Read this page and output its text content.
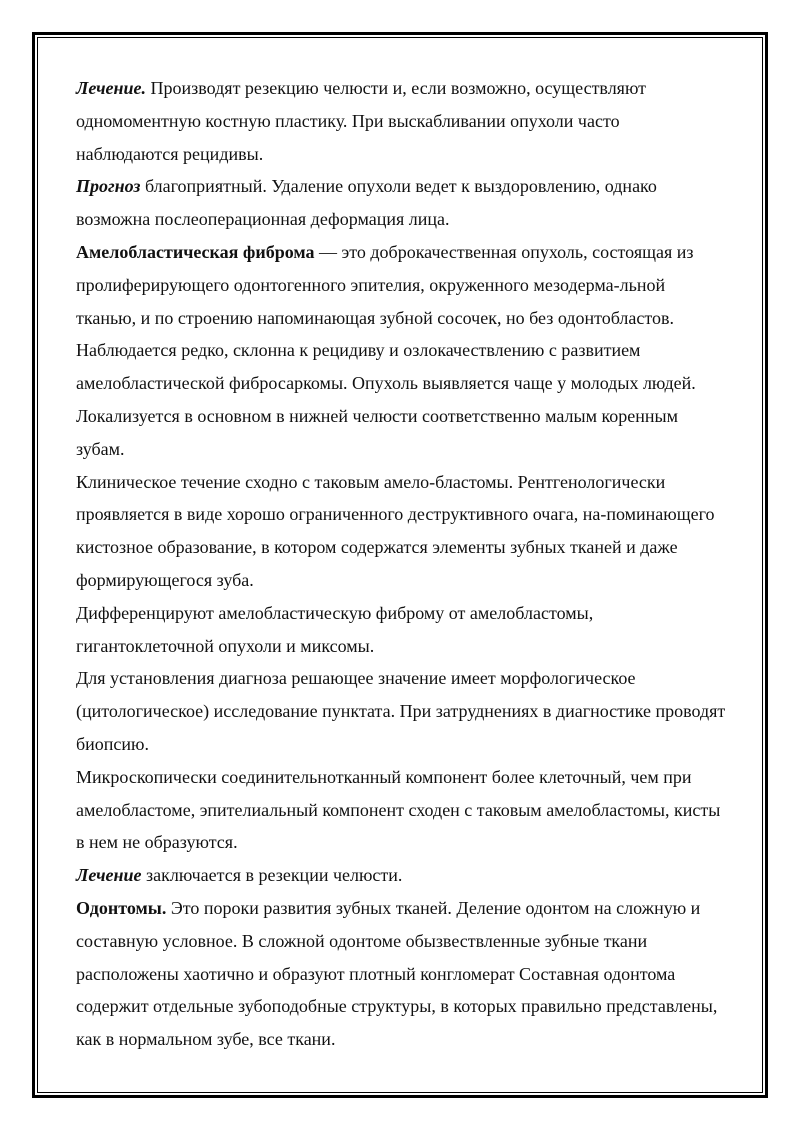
Лечение. Производят резекцию челюсти и, если возможно, осуществляют одномоментную костную пластику. При выскабливании опухоли часто наблюдаются рецидивы.

Прогноз благоприятный. Удаление опухоли ведет к выздоровлению, однако возможна послеоперационная деформация лица.

Амелобластическая фиброма — это доброкачественная опухоль, состоящая из пролиферирующего одонтогенного эпителия, окруженного мезодерма-льной тканью, и по строению напоминающая зубной сосочек, но без одонтобластов. Наблюдается редко, склонна к рецидиву и озлокачествлению с развитием амелобластической фибросаркомы. Опухоль выявляется чаще у молодых людей. Локализуется в основном в нижней челюсти соответственно малым коренным зубам.

Клиническое течение сходно с таковым амело-бластомы. Рентгенологически проявляется в виде хорошо ограниченного деструктивного очага, на-поминающего кистозное образование, в котором содержатся элементы зубных тканей и даже формирующегося зуба.

Дифференцируют амелобластическую фиброму от амелобластомы, гигантоклеточной опухоли и миксомы.

Для установления диагноза решающее значение имеет морфологическое (цитологическое) исследование пунктата. При затруднениях в диагностике проводят биопсию.

Микроскопически соединительнотканный компонент более клеточный, чем при амелобластоме, эпителиальный компонент сходен с таковым амелобластомы, кисты в нем не образуются.

Лечение заключается в резекции челюсти.

Одонтомы. Это пороки развития зубных тканей. Деление одонтом на сложную и составную условное. В сложной одонтоме обызвествленные зубные ткани расположены хаотично и образуют плотный конгломерат Составная одонтома содержит отдельные зубоподобные структуры, в которых правильно представлены, как в нормальном зубе, все ткани.
